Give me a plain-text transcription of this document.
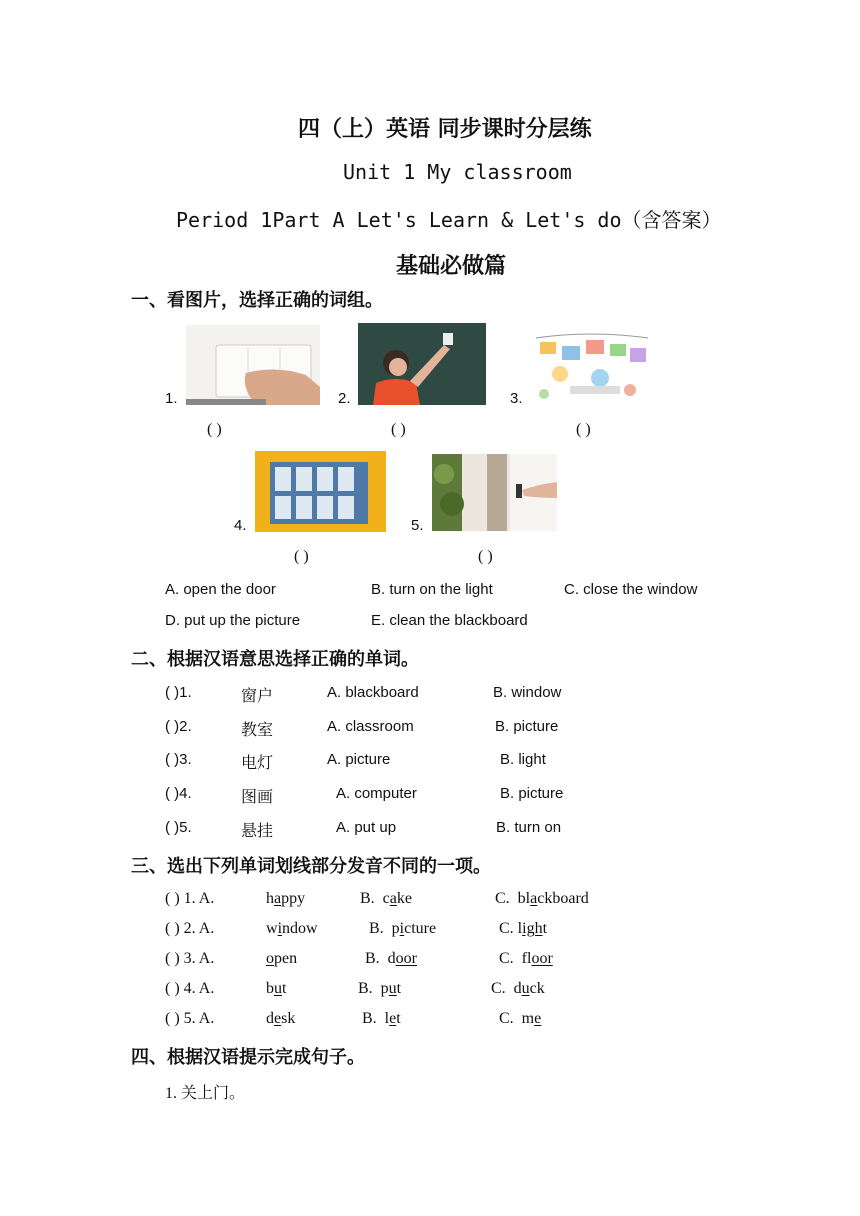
四（上）英语 同步课时分层练
Unit 1 My classroom
Period 1Part A Let's Learn & Let's do（含答案）
基础必做篇
一、看图片，选择正确的词组。
1.	2.	3.
( )	( )	( )
4.	5.
( )	( )
A. open the door	B. turn on the light	C. close the window
D. put up the picture	E. clean the blackboard
二、根据汉语意思选择正确的单词。
( )1.	窗户	A. blackboard	B. window
( )2.	教室	A. classroom	B. picture
( )3.	电灯	A. picture	B. light
( )4.	图画	A. computer	B. picture
( )5.	悬挂	A. put up	B. turn on
三、选出下列单词划线部分发音不同的一项。
( ) 1. A.	happy	B. cake	C. blackboard
( ) 2. A.	window	B. picture	C. light
( ) 3. A.	open	B. door	C. floor
( ) 4. A.	but	B. put	C. duck
( ) 5. A.	desk	B. let	C. me
四、根据汉语提示完成句子。
1. 关上门。
